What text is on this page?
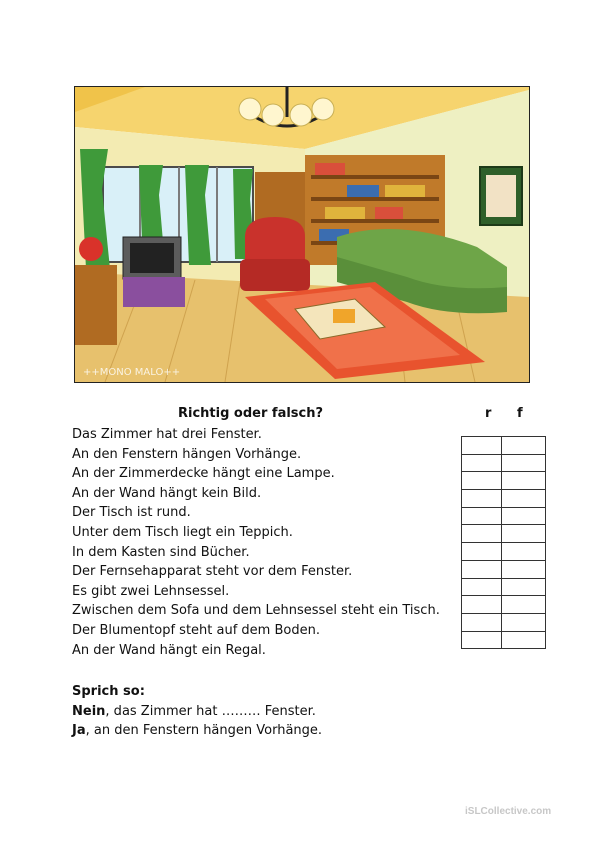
++MONO MALO++
Richtig oder falsch?	r f
Das Zimmer hat drei Fenster.
An den Fenstern hängen Vorhänge.
An der Zimmerdecke hängt eine Lampe.
An der Wand hängt kein Bild.
Der Tisch ist rund.
Unter dem Tisch liegt ein Teppich.
In dem Kasten sind Bücher.
Der Fernsehapparat steht vor dem Fenster.
Es gibt zwei Lehnsessel.
Zwischen dem Sofa und dem Lehnsessel steht ein Tisch.
Der Blumentopf steht auf dem Boden.
An der Wand hängt ein Regal.

Sprich so:
Nein, das Zimmer hat ……… Fenster.
Ja, an den Fenstern hängen Vorhänge.
iSLCollective.com
